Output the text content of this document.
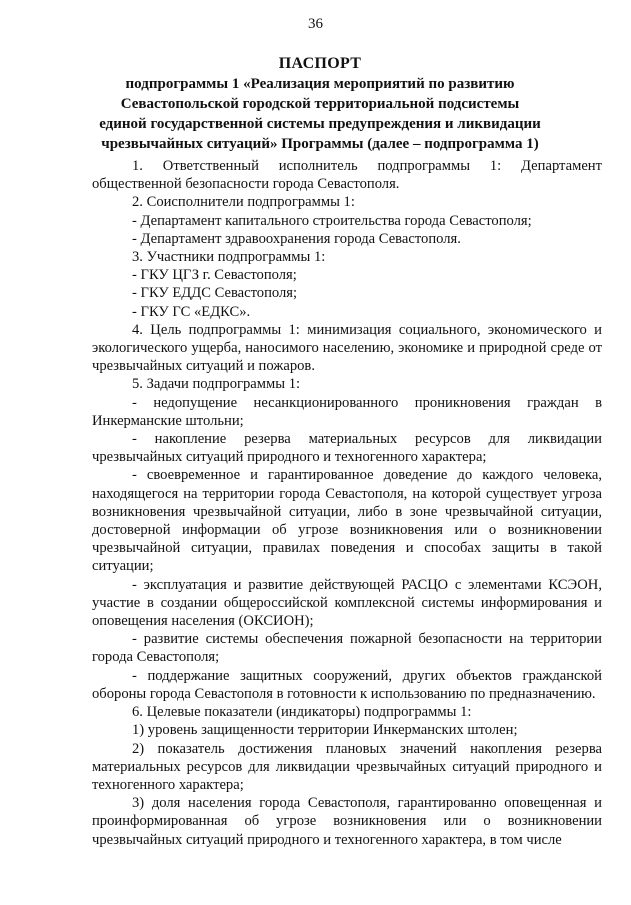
36
ПАСПОРТ
подпрограммы 1 «Реализация мероприятий по развитию
Севастопольской городской территориальной подсистемы
единой государственной системы предупреждения и ликвидации
чрезвычайных ситуаций» Программы (далее – подпрограмма 1)

1. Ответственный исполнитель подпрограммы 1: Департамент общественной безопасности города Севастополя.

2. Соисполнители подпрограммы 1:

- Департамент капитального строительства города Севастополя;

- Департамент здравоохранения города Севастополя.

3. Участники подпрограммы 1:

- ГКУ ЦГЗ г. Севастополя;

- ГКУ ЕДДС Севастополя;

- ГКУ ГС «ЕДКС».

4. Цель подпрограммы 1: минимизация социального, экономического и экологического ущерба, наносимого населению, экономике и природной среде от чрезвычайных ситуаций и пожаров.

5. Задачи подпрограммы 1:

- недопущение несанкционированного проникновения граждан в Инкерманские штольни;

- накопление резерва материальных ресурсов для ликвидации чрезвычайных ситуаций природного и техногенного характера;

- своевременное и гарантированное доведение до каждого человека, находящегося на территории города Севастополя, на которой существует угроза возникновения чрезвычайной ситуации, либо в зоне чрезвычайной ситуации, достоверной информации об угрозе возникновения или о возникновении чрезвычайной ситуации, правилах поведения и способах защиты в такой ситуации;

- эксплуатация и развитие действующей РАСЦО с элементами КСЭОН, участие в создании общероссийской комплексной системы информирования и оповещения населения (ОКСИОН);

- развитие системы обеспечения пожарной безопасности на территории города Севастополя;

- поддержание защитных сооружений, других объектов гражданской обороны города Севастополя в готовности к использованию по предназначению.

6. Целевые показатели (индикаторы) подпрограммы 1:

1) уровень защищенности территории Инкерманских штолен;

2) показатель достижения плановых значений накопления резерва материальных ресурсов для ликвидации чрезвычайных ситуаций природного и техногенного характера;

3) доля населения города Севастополя, гарантированно оповещенная и проинформированная об угрозе возникновения или о возникновении чрезвычайных ситуаций природного и техногенного характера, в том числе
